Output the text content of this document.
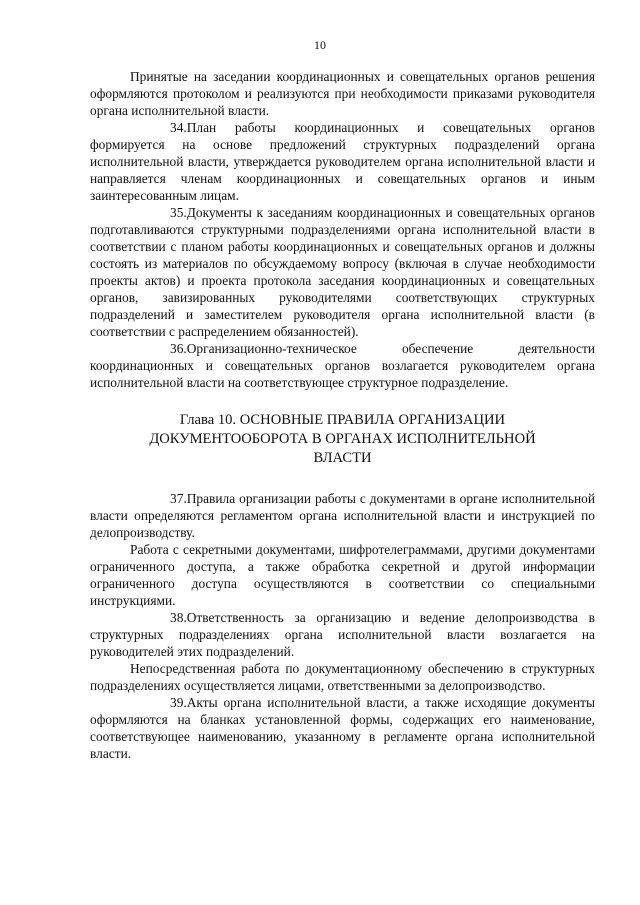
10

Принятые на заседании координационных и совещательных органов решения оформляются протоколом и реализуются при необходимости приказами руководителя органа исполнительной власти.

34.План работы координационных и совещательных органов формируется на основе предложений структурных подразделений органа исполнительной власти, утверждается руководителем органа исполнительной власти и направляется членам координационных и совещательных органов и иным заинтересованным лицам.

35.Документы к заседаниям координационных и совещательных органов подготавливаются структурными подразделениями органа исполнительной власти в соответствии с планом работы координационных и совещательных органов и должны состоять из материалов по обсуждаемому вопросу (включая в случае необходимости проекты актов) и проекта протокола заседания координационных и совещательных органов, завизированных руководителями соответствующих структурных подразделений и заместителем руководителя органа исполнительной власти (в соответствии с распределением обязанностей).

36.Организационно-техническое обеспечение деятельности координационных и совещательных органов возлагается руководителем органа исполнительной власти на соответствующее структурное подразделение.

Глава 10. ОСНОВНЫЕ ПРАВИЛА ОРГАНИЗАЦИИ ДОКУМЕНТООБОРОТА В ОРГАНАХ ИСПОЛНИТЕЛЬНОЙ ВЛАСТИ

37.Правила организации работы с документами в органе исполнительной власти определяются регламентом органа исполнительной власти и инструкцией по делопроизводству.

Работа с секретными документами, шифротелеграммами, другими документами ограниченного доступа, а также обработка секретной и другой информации ограниченного доступа осуществляются в соответствии со специальными инструкциями.

38.Ответственность за организацию и ведение делопроизводства в структурных подразделениях органа исполнительной власти возлагается на руководителей этих подразделений.

Непосредственная работа по документационному обеспечению в структурных подразделениях осуществляется лицами, ответственными за делопроизводство.

39.Акты органа исполнительной власти, а также исходящие документы оформляются на бланках установленной формы, содержащих его наименование, соответствующее наименованию, указанному в регламенте органа исполнительной власти.
